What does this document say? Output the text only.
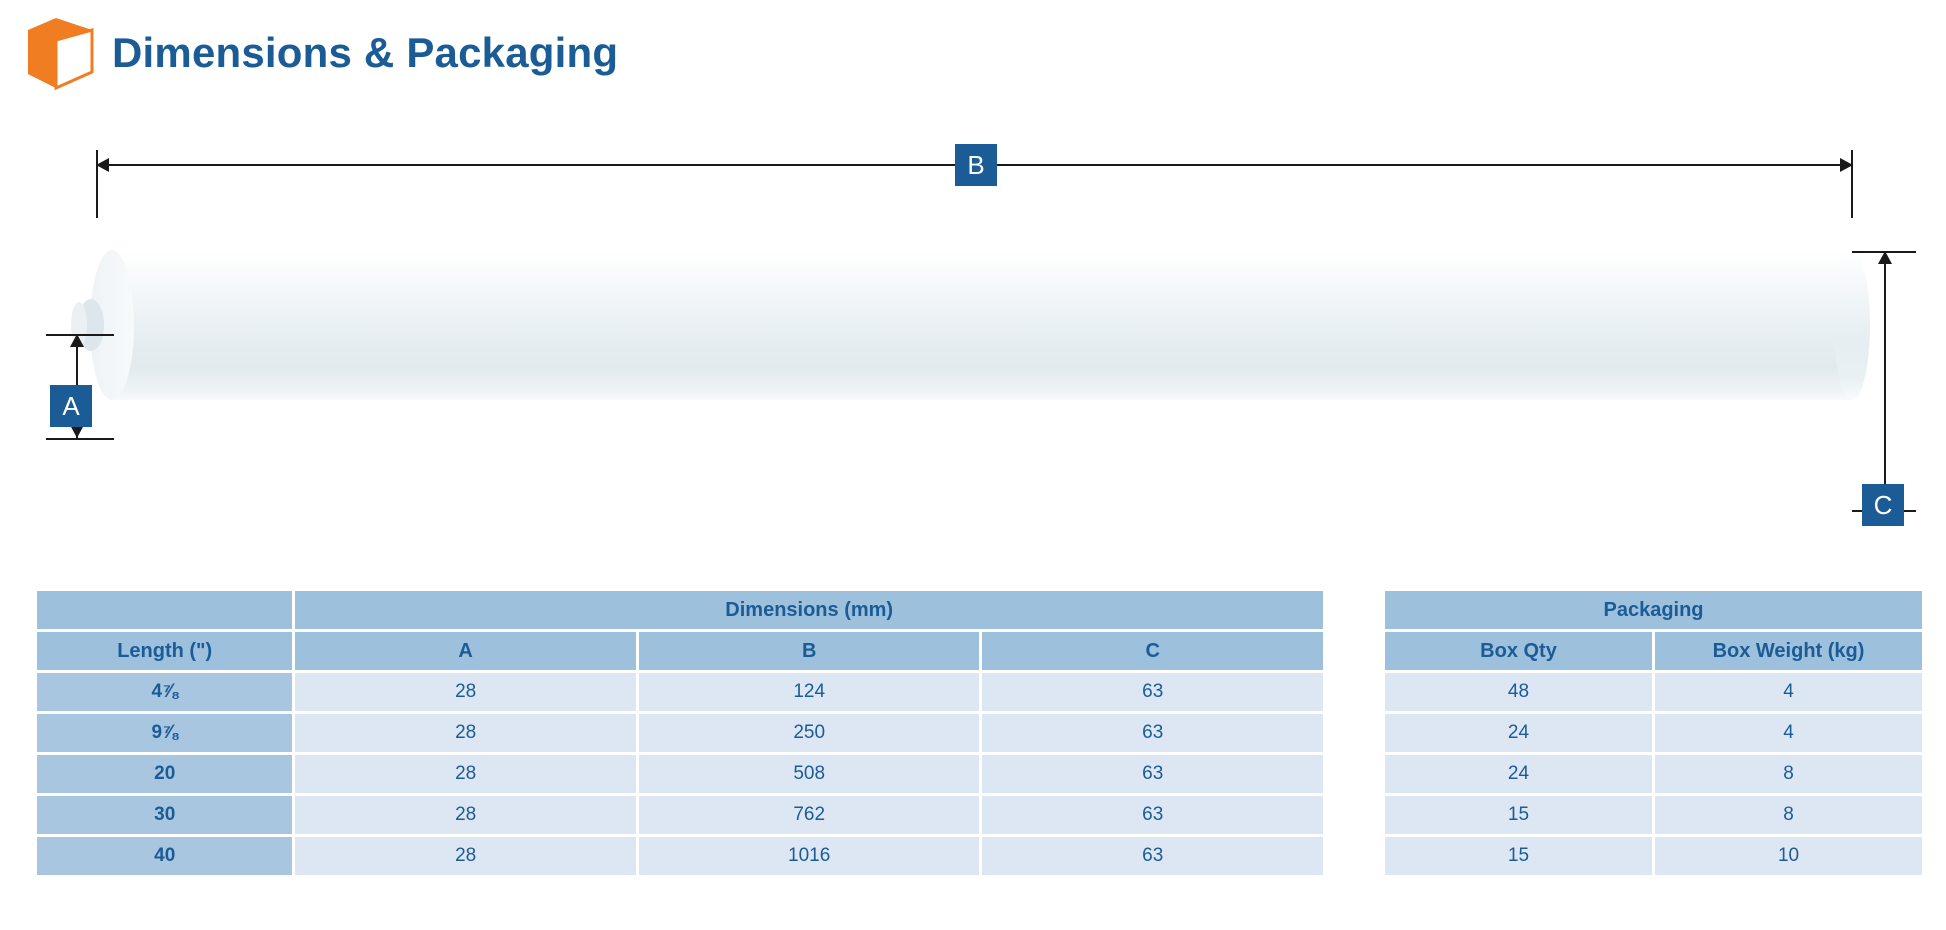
Dimensions & Packaging
B
A
C
	Dimensions (mm)		
Length (")	A	B	C
4⅞	28	124	63
9⅞	28	250	63
20	28	508	63
30	28	762	63
40	28	1016	63
Packaging	
Box Qty	Box Weight (kg)
48	4
24	4
24	8
15	8
15	10
